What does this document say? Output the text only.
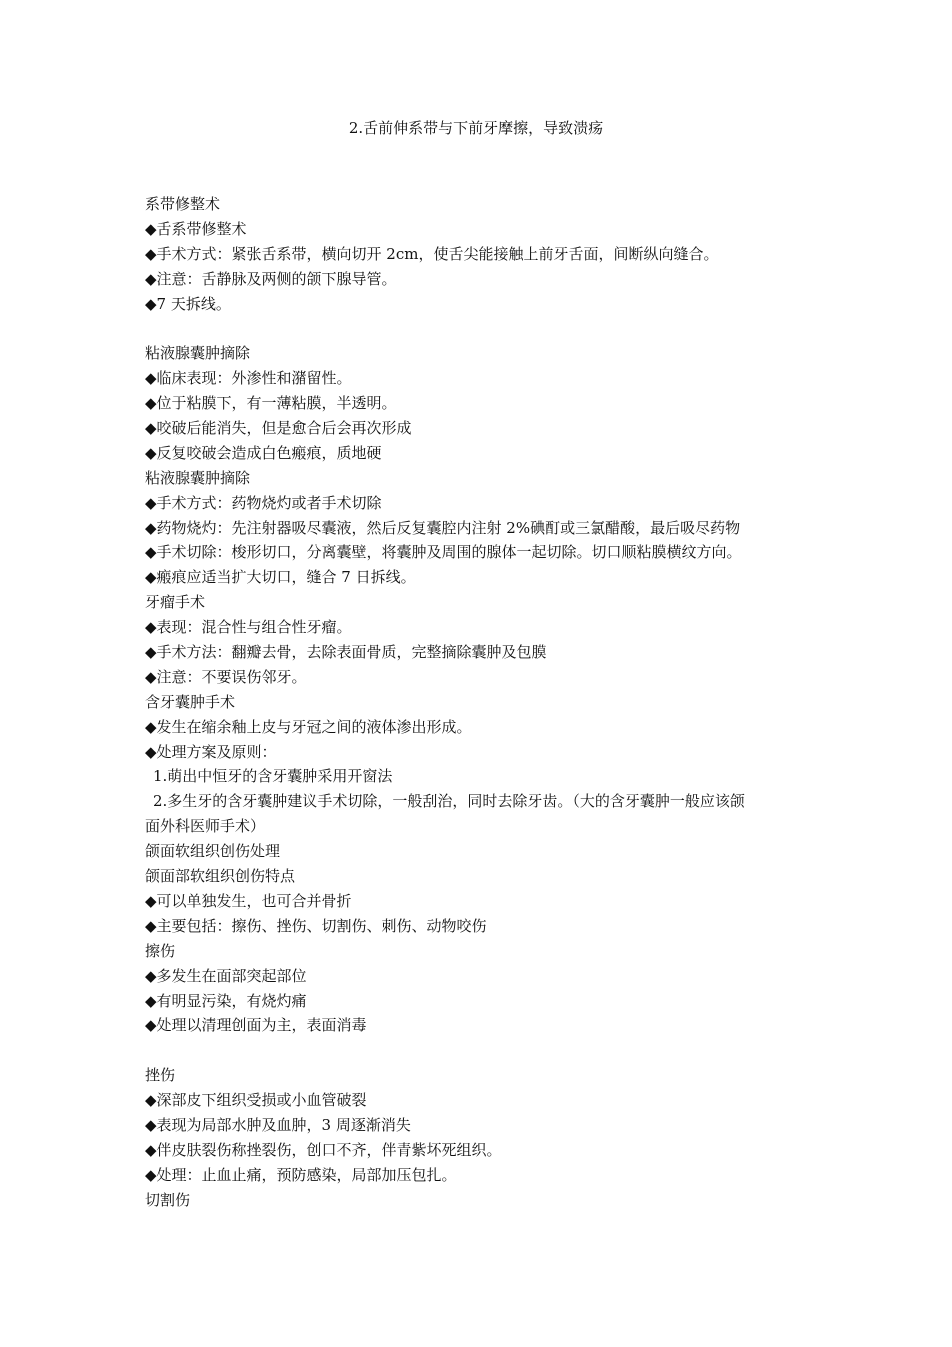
2.舌前伸系带与下前牙摩擦，导致溃疡
系带修整术
◆舌系带修整术
◆手术方式：紧张舌系带，横向切开 2cm，使舌尖能接触上前牙舌面，间断纵向缝合。
◆注意：舌静脉及两侧的颌下腺导管。
◆7 天拆线。
粘液腺囊肿摘除
◆临床表现：外渗性和潴留性。
◆位于粘膜下，有一薄粘膜，半透明。
◆咬破后能消失，但是愈合后会再次形成
◆反复咬破会造成白色瘢痕，质地硬
粘液腺囊肿摘除
◆手术方式：药物烧灼或者手术切除
◆药物烧灼：先注射器吸尽囊液，然后反复囊腔内注射 2%碘酊或三氯醋酸，最后吸尽药物
◆手术切除：梭形切口，分离囊壁，将囊肿及周围的腺体一起切除。切口顺粘膜横纹方向。
◆瘢痕应适当扩大切口，缝合 7 日拆线。
牙瘤手术
◆表现：混合性与组合性牙瘤。
◆手术方法：翻瓣去骨，去除表面骨质，完整摘除囊肿及包膜
◆注意：不要误伤邻牙。
含牙囊肿手术
◆发生在缩余釉上皮与牙冠之间的液体渗出形成。
◆处理方案及原则：
1.萌出中恒牙的含牙囊肿采用开窗法
2.多生牙的含牙囊肿建议手术切除，一般刮治，同时去除牙齿。（大的含牙囊肿一般应该颌
面外科医师手术）
颌面软组织创伤处理
颌面部软组织创伤特点
◆可以单独发生，也可合并骨折
◆主要包括：擦伤、挫伤、切割伤、刺伤、动物咬伤
擦伤
◆多发生在面部突起部位
◆有明显污染，有烧灼痛
◆处理以清理创面为主，表面消毒
挫伤
◆深部皮下组织受损或小血管破裂
◆表现为局部水肿及血肿，3 周逐渐消失
◆伴皮肤裂伤称挫裂伤，创口不齐，伴青紫坏死组织。
◆处理：止血止痛，预防感染，局部加压包扎。
切割伤
